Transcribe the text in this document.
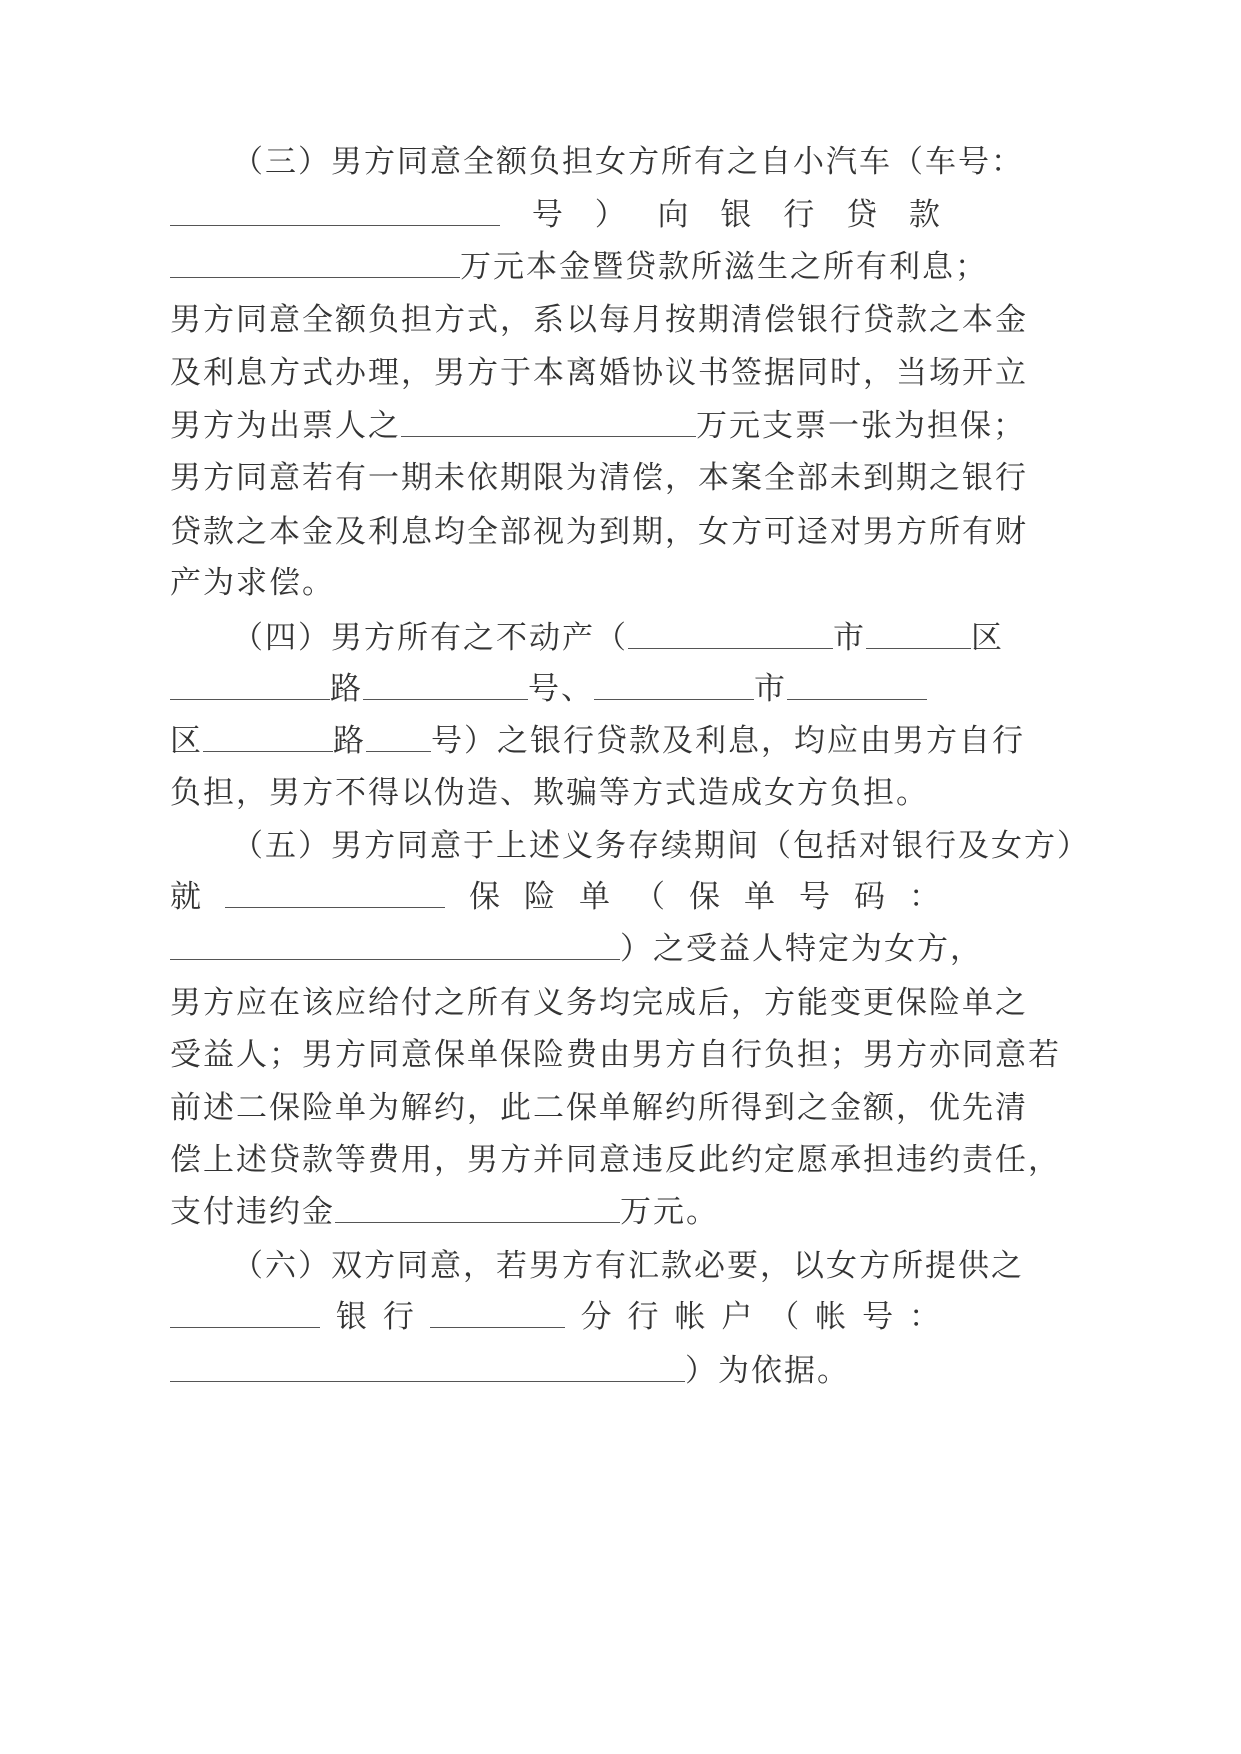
（三）男方同意全额负担女方所有之自小汽车（车号：
号 ） 向 银 行 贷 款
万元本金暨贷款所滋生之所有利息；
男方同意全额负担方式，系以每月按期清偿银行贷款之本金
及利息方式办理，男方于本离婚协议书签据同时，当场开立
男方为出票人之	万元支票一张为担保；
男方同意若有一期未依期限为清偿，本案全部未到期之银行
贷款之本金及利息均全部视为到期，女方可迳对男方所有财
产为求偿。
（四）男方所有之不动产（	市	区
路	号、	市
区	路 号）之银行贷款及利息，均应由男方自行
负担，男方不得以伪造、欺骗等方式造成女方负担。
（五）男方同意于上述义务存续期间（包括对银行及女方）
就	保 险 单 （ 保 单 号 码 ：
）之受益人特定为女方，
男方应在该应给付之所有义务均完成后，方能变更保险单之
受益人；男方同意保单保险费由男方自行负担；男方亦同意若
前述二保险单为解约，此二保单解约所得到之金额，优先清
偿上述贷款等费用，男方并同意违反此约定愿承担违约责任，
支付违约金	万元。
（六）双方同意，若男方有汇款必要，以女方所提供之
银 行	分 行 帐 户 （ 帐 号 ：
）为依据。
